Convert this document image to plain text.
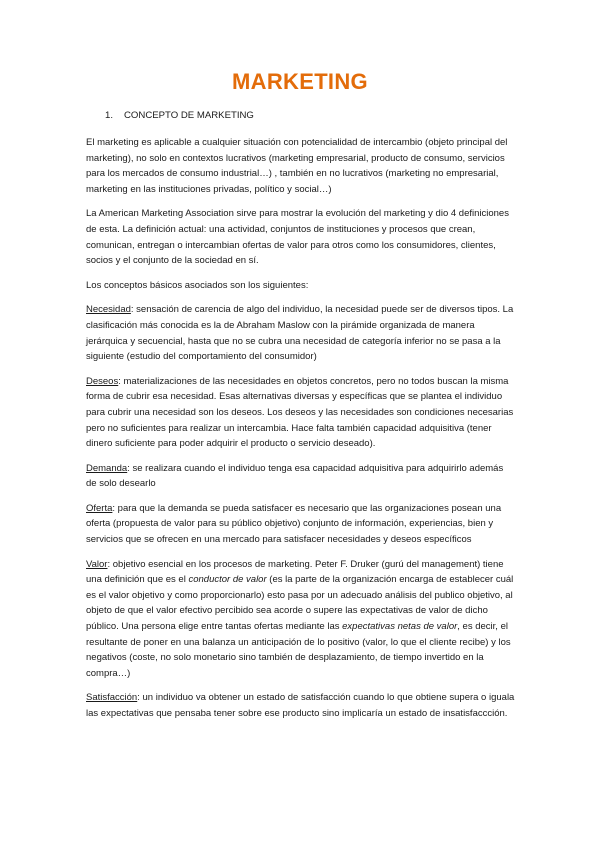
MARKETING
1. CONCEPTO DE MARKETING

El marketing es aplicable a cualquier situación con potencialidad de intercambio (objeto principal del marketing), no solo en contextos lucrativos (marketing empresarial, producto de consumo, servicios para los mercados de consumo industrial…) , también en no lucrativos (marketing no empresarial, marketing en las instituciones privadas, político y social…)

La American Marketing Association sirve para mostrar la evolución del marketing y dio 4 definiciones de esta. La definición actual: una actividad, conjuntos de instituciones y procesos que crean, comunican, entregan o intercambian ofertas de valor para otros como los consumidores, clientes, socios y el conjunto de la sociedad en sí.

Los conceptos básicos asociados son los siguientes:

Necesidad: sensación de carencia de algo del individuo, la necesidad puede ser de diversos tipos. La clasificación más conocida es la de Abraham Maslow con la pirámide organizada de manera jerárquica y secuencial, hasta que no se cubra una necesidad de categoría inferior no se pasa a la siguiente (estudio del comportamiento del consumidor)

Deseos: materializaciones de las necesidades en objetos concretos, pero no todos buscan la misma forma de cubrir esa necesidad. Esas alternativas diversas y específicas que se plantea el individuo para cubrir una necesidad son los deseos. Los deseos y las necesidades son condiciones necesarias pero no suficientes para realizar un intercambia. Hace falta también capacidad adquisitiva (tener dinero suficiente para poder adquirir el producto o servicio deseado).

Demanda: se realizara cuando el individuo tenga esa capacidad adquisitiva para adquirirlo además de solo desearlo

Oferta: para que la demanda se pueda satisfacer es necesario que las organizaciones posean una oferta (propuesta de valor para su público objetivo) conjunto de información, experiencias, bien y servicios que se ofrecen en una mercado para satisfacer necesidades y deseos específicos

Valor: objetivo esencial en los procesos de marketing. Peter F. Druker (gurú del management) tiene una definición que es el conductor de valor (es la parte de la organización encarga de establecer cuál es el valor objetivo y como proporcionarlo) esto pasa por un adecuado análisis del publico objetivo, al objeto de que el valor efectivo percibido sea acorde o supere las expectativas de valor de dicho público. Una persona elige entre tantas ofertas mediante las expectativas netas de valor, es decir, el resultante de poner en una balanza un anticipación de lo positivo (valor, lo que el cliente recibe) y los negativos (coste, no solo monetario sino también de desplazamiento, de tiempo invertido en la compra…)

Satisfacción: un individuo va obtener un estado de satisfacción cuando lo que obtiene supera o iguala las expectativas que pensaba tener sobre ese producto sino implicaría un estado de insatisfaccción.
